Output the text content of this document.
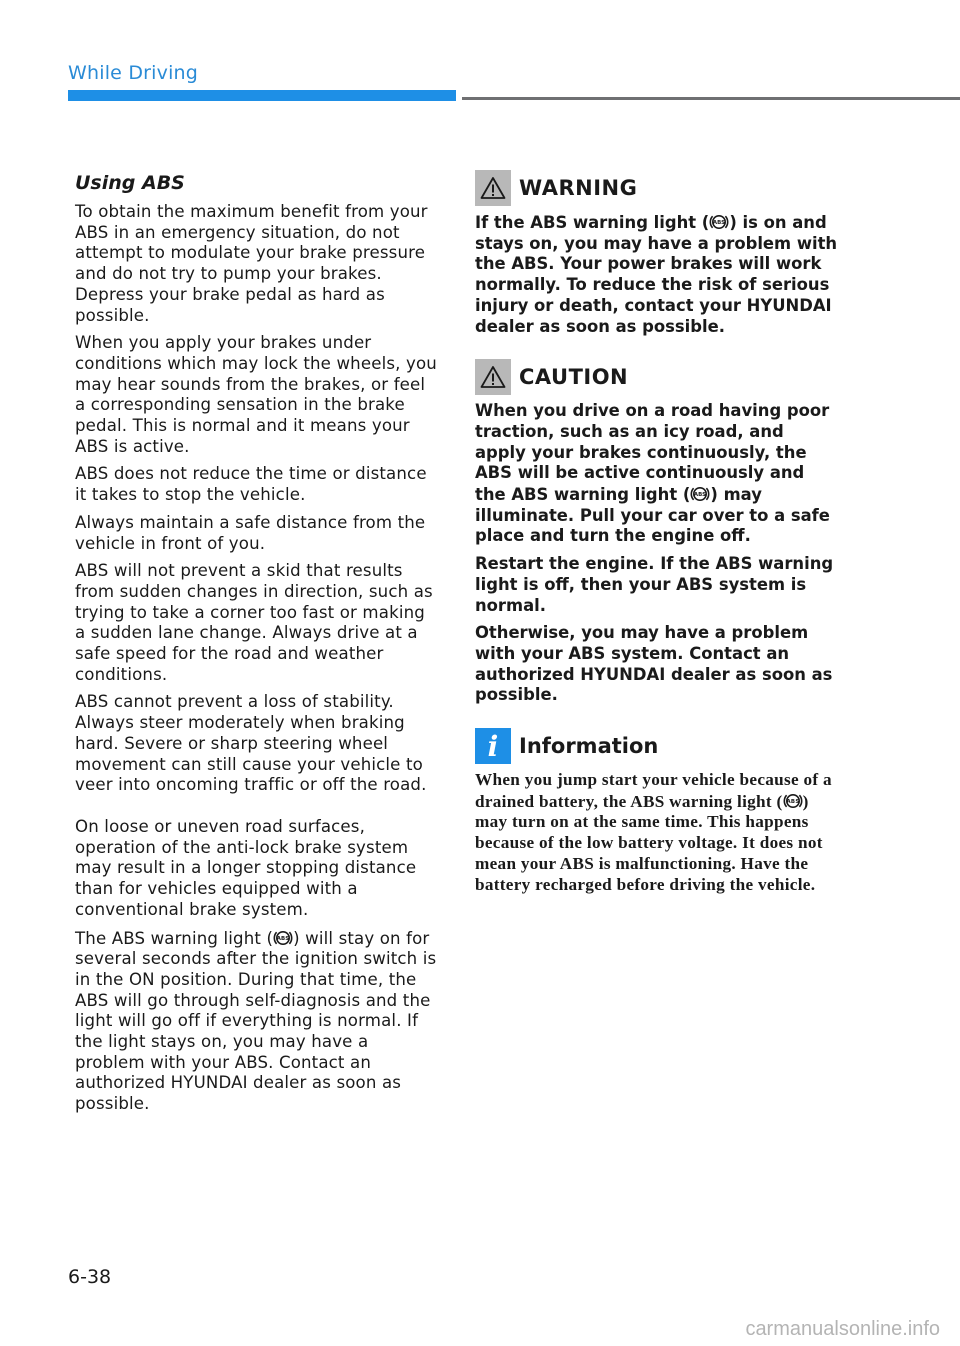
While Driving
Using ABS

To obtain the maximum benefit from your ABS in an emergency situation, do not attempt to modulate your brake pressure and do not try to pump your brakes. Depress your brake pedal as hard as possible.

When you apply your brakes under conditions which may lock the wheels, you may hear sounds from the brakes, or feel a corresponding sensation in the brake pedal. This is normal and it means your ABS is active.

ABS does not reduce the time or distance it takes to stop the vehicle.

Always maintain a safe distance from the vehicle in front of you.

ABS will not prevent a skid that results from sudden changes in direction, such as trying to take a corner too fast or making a sudden lane change. Always drive at a safe speed for the road and weather conditions.

ABS cannot prevent a loss of stability. Always steer moderately when braking hard. Severe or sharp steering wheel movement can still cause your vehicle to veer into oncoming traffic or off the road.

On loose or uneven road surfaces, operation of the anti-lock brake system may result in a longer stopping distance than for vehicles equipped with a conventional brake system.

The ABS warning light ( ABS ) will stay on for several seconds after the ignition switch is in the ON position. During that time, the ABS will go through self-diagnosis and the light will go off if everything is normal. If the light stays on, you may have a problem with your ABS. Contact an authorized HYUNDAI dealer as soon as possible.

WARNING

If the ABS warning light ( ABS ) is on and stays on, you may have a problem with the ABS. Your power brakes will work normally. To reduce the risk of serious injury or death, contact your HYUNDAI dealer as soon as possible.

CAUTION

When you drive on a road having poor traction, such as an icy road, and apply your brakes continuously, the ABS will be active continuously and the ABS warning light ( ABS ) may illuminate. Pull your car over to a safe place and turn the engine off.

Restart the engine. If the ABS warning light is off, then your ABS system is normal.

Otherwise, you may have a problem with your ABS system. Contact an authorized HYUNDAI dealer as soon as possible.

i Information

When you jump start your vehicle because of a drained battery, the ABS warning light ( ABS ) may turn on at the same time. This happens because of the low battery voltage. It does not mean your ABS is malfunctioning. Have the battery recharged before driving the vehicle.

6-38
carmanualsonline.info
